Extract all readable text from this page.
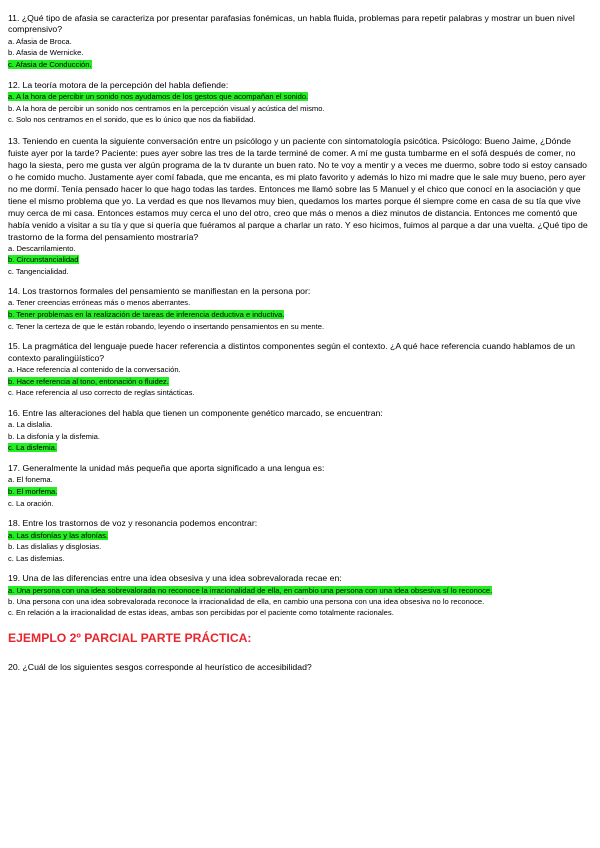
11. ¿Qué tipo de afasia se caracteriza por presentar parafasias fonémicas, un habla fluida, problemas para repetir palabras y mostrar un buen nivel comprensivo?
a. Afasia de Broca.
b. Afasia de Wernicke.
c. Afasia de Conducción.
12. La teoría motora de la percepción del habla defiende:
a. A la hora de percibir un sonido nos ayudamos de los gestos que acompañan el sonido.
b. A la hora de percibir un sonido nos centramos en la percepción visual y acústica del mismo.
c. Solo nos centramos en el sonido, que es lo único que nos da fiabilidad.
13. Teniendo en cuenta la siguiente conversación entre un psicólogo y un paciente con sintomatología psicótica. Psicólogo: Bueno Jaime, ¿Dónde fuiste ayer por la tarde? Paciente: pues ayer sobre las tres de la tarde terminé de comer. A mí me gusta tumbarme en el sofá después de comer, no hago la siesta, pero me gusta ver algún programa de la tv durante un buen rato. No te voy a mentir y a veces me duermo, sobre todo si estoy cansado o he comido mucho. Justamente ayer comí fabada, que me encanta, es mi plato favorito y además lo hizo mi madre que le sale muy bueno, pero ayer no me dormí. Tenía pensado hacer lo que hago todas las tardes. Entonces me llamó sobre las 5 Manuel y el chico que conocí en la asociación y que tiene el mismo problema que yo. La verdad es que nos llevamos muy bien, quedamos los martes porque él siempre come en casa de su tía que vive muy cerca de mi casa. Entonces estamos muy cerca el uno del otro, creo que más o menos a diez minutos de distancia. Entonces me comentó que había venido a visitar a su tía y que si quería que fuéramos al parque a charlar un rato. Y eso hicimos, fuimos al parque a dar una vuelta. ¿Qué tipo de trastorno de la forma del pensamiento mostraría?
a. Descarrilamiento.
b. Circunstancialidad
c. Tangencialidad.
14. Los trastornos formales del pensamiento se manifiestan en la persona por:
a. Tener creencias erróneas más o menos aberrantes.
b. Tener problemas en la realización de tareas de inferencia deductiva e inductiva.
c. Tener la certeza de que le están robando, leyendo o insertando pensamientos en su mente.
15. La pragmática del lenguaje puede hacer referencia a distintos componentes según el contexto. ¿A qué hace referencia cuando hablamos de un contexto paralingüístico?
a. Hace referencia al contenido de la conversación.
b. Hace referencia al tono, entonación o fluidez.
c. Hace referencia al uso correcto de reglas sintácticas.
16. Entre las alteraciones del habla que tienen un componente genético marcado, se encuentran:
a. La dislalia.
b. La disfonía y la disfemia.
c. La disfemia.
17. Generalmente la unidad más pequeña que aporta significado a una lengua es:
a. El fonema.
b. El morfema.
c. La oración.
18. Entre los trastornos de voz y resonancia podemos encontrar:
a. Las disfonías y las afonías.
b. Las dislalias y disglosias.
c. Las disfemias.
19. Una de las diferencias entre una idea obsesiva y una idea sobrevalorada recae en:
a. Una persona con una idea sobrevalorada no reconoce la irracionalidad de ella, en cambio una persona con una idea obsesiva sí lo reconoce.
b. Una persona con una idea sobrevalorada reconoce la irracionalidad de ella, en cambio una persona con una idea obsesiva no lo reconoce.
c. En relación a la irracionalidad de estas ideas, ambas son percibidas por el paciente como totalmente racionales.
EJEMPLO 2º PARCIAL PARTE PRÁCTICA:
20. ¿Cuál de los siguientes sesgos corresponde al heurístico de accesibilidad?
